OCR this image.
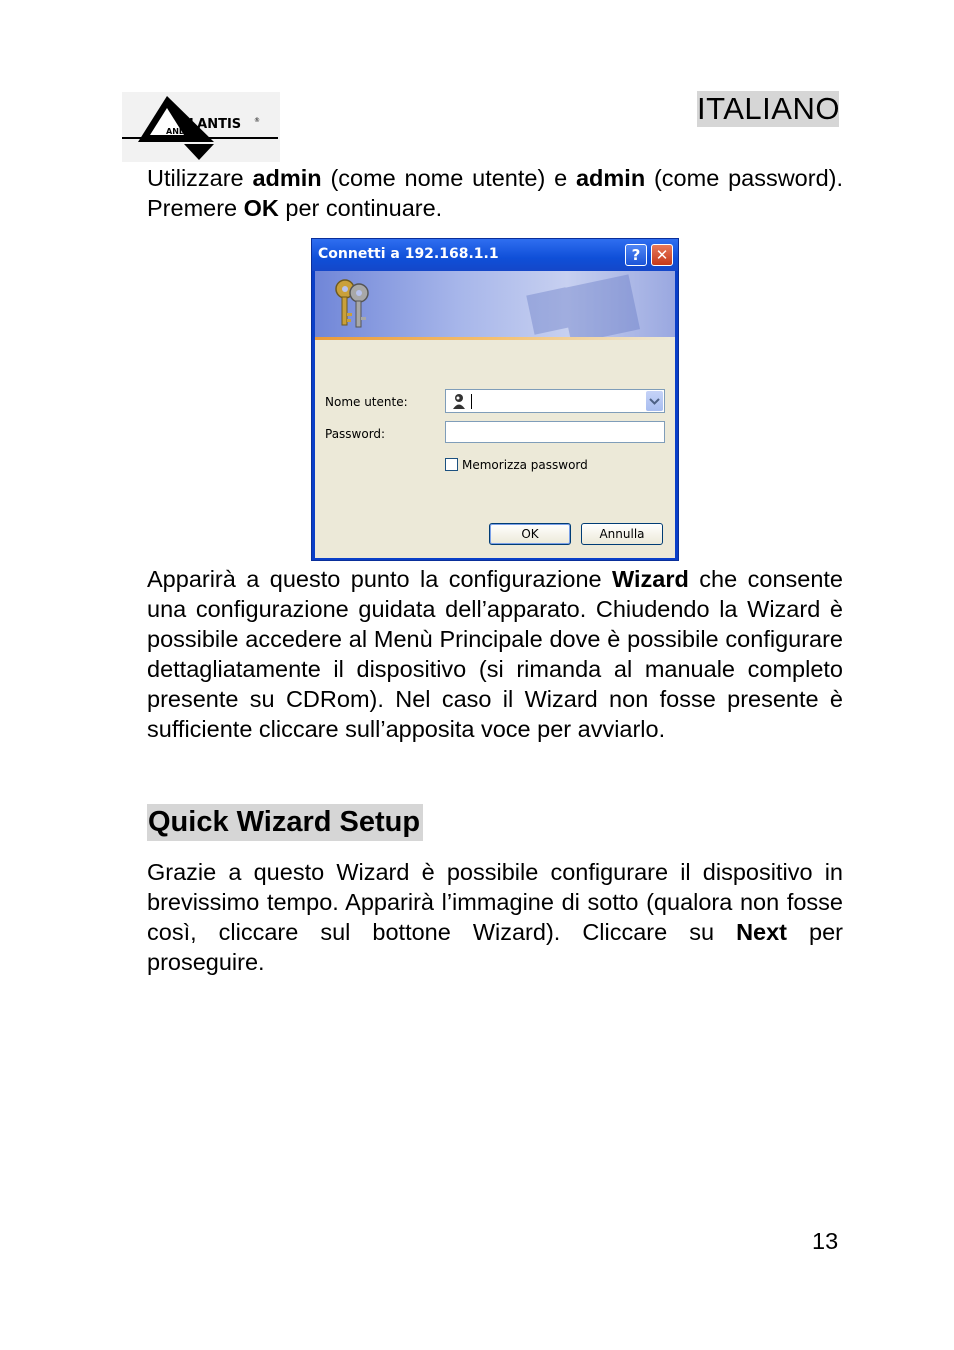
TLANTIS ®
AND
ITALIANO

Utilizzare admin (come nome utente) e admin (come password). Premere OK per continuare.

Connetti a 192.168.1.1	?	✕
Nome utente:
Password:
Memorizza password
OK	Annulla

Apparirà a questo punto la configurazione Wizard che consente una configurazione guidata dell’apparato. Chiudendo la Wizard è possibile accedere al Menù Principale dove è possibile configurare dettagliatamente il dispositivo (si rimanda al manuale completo presente su CDRom). Nel caso il Wizard non fosse presente è sufficiente cliccare sull’apposita voce per avviarlo.

Quick Wizard Setup

Grazie a questo Wizard è possibile configurare il dispositivo in brevissimo tempo. Apparirà l’immagine di sotto (qualora non fosse così, cliccare sul bottone Wizard). Cliccare su Next per proseguire.

13
